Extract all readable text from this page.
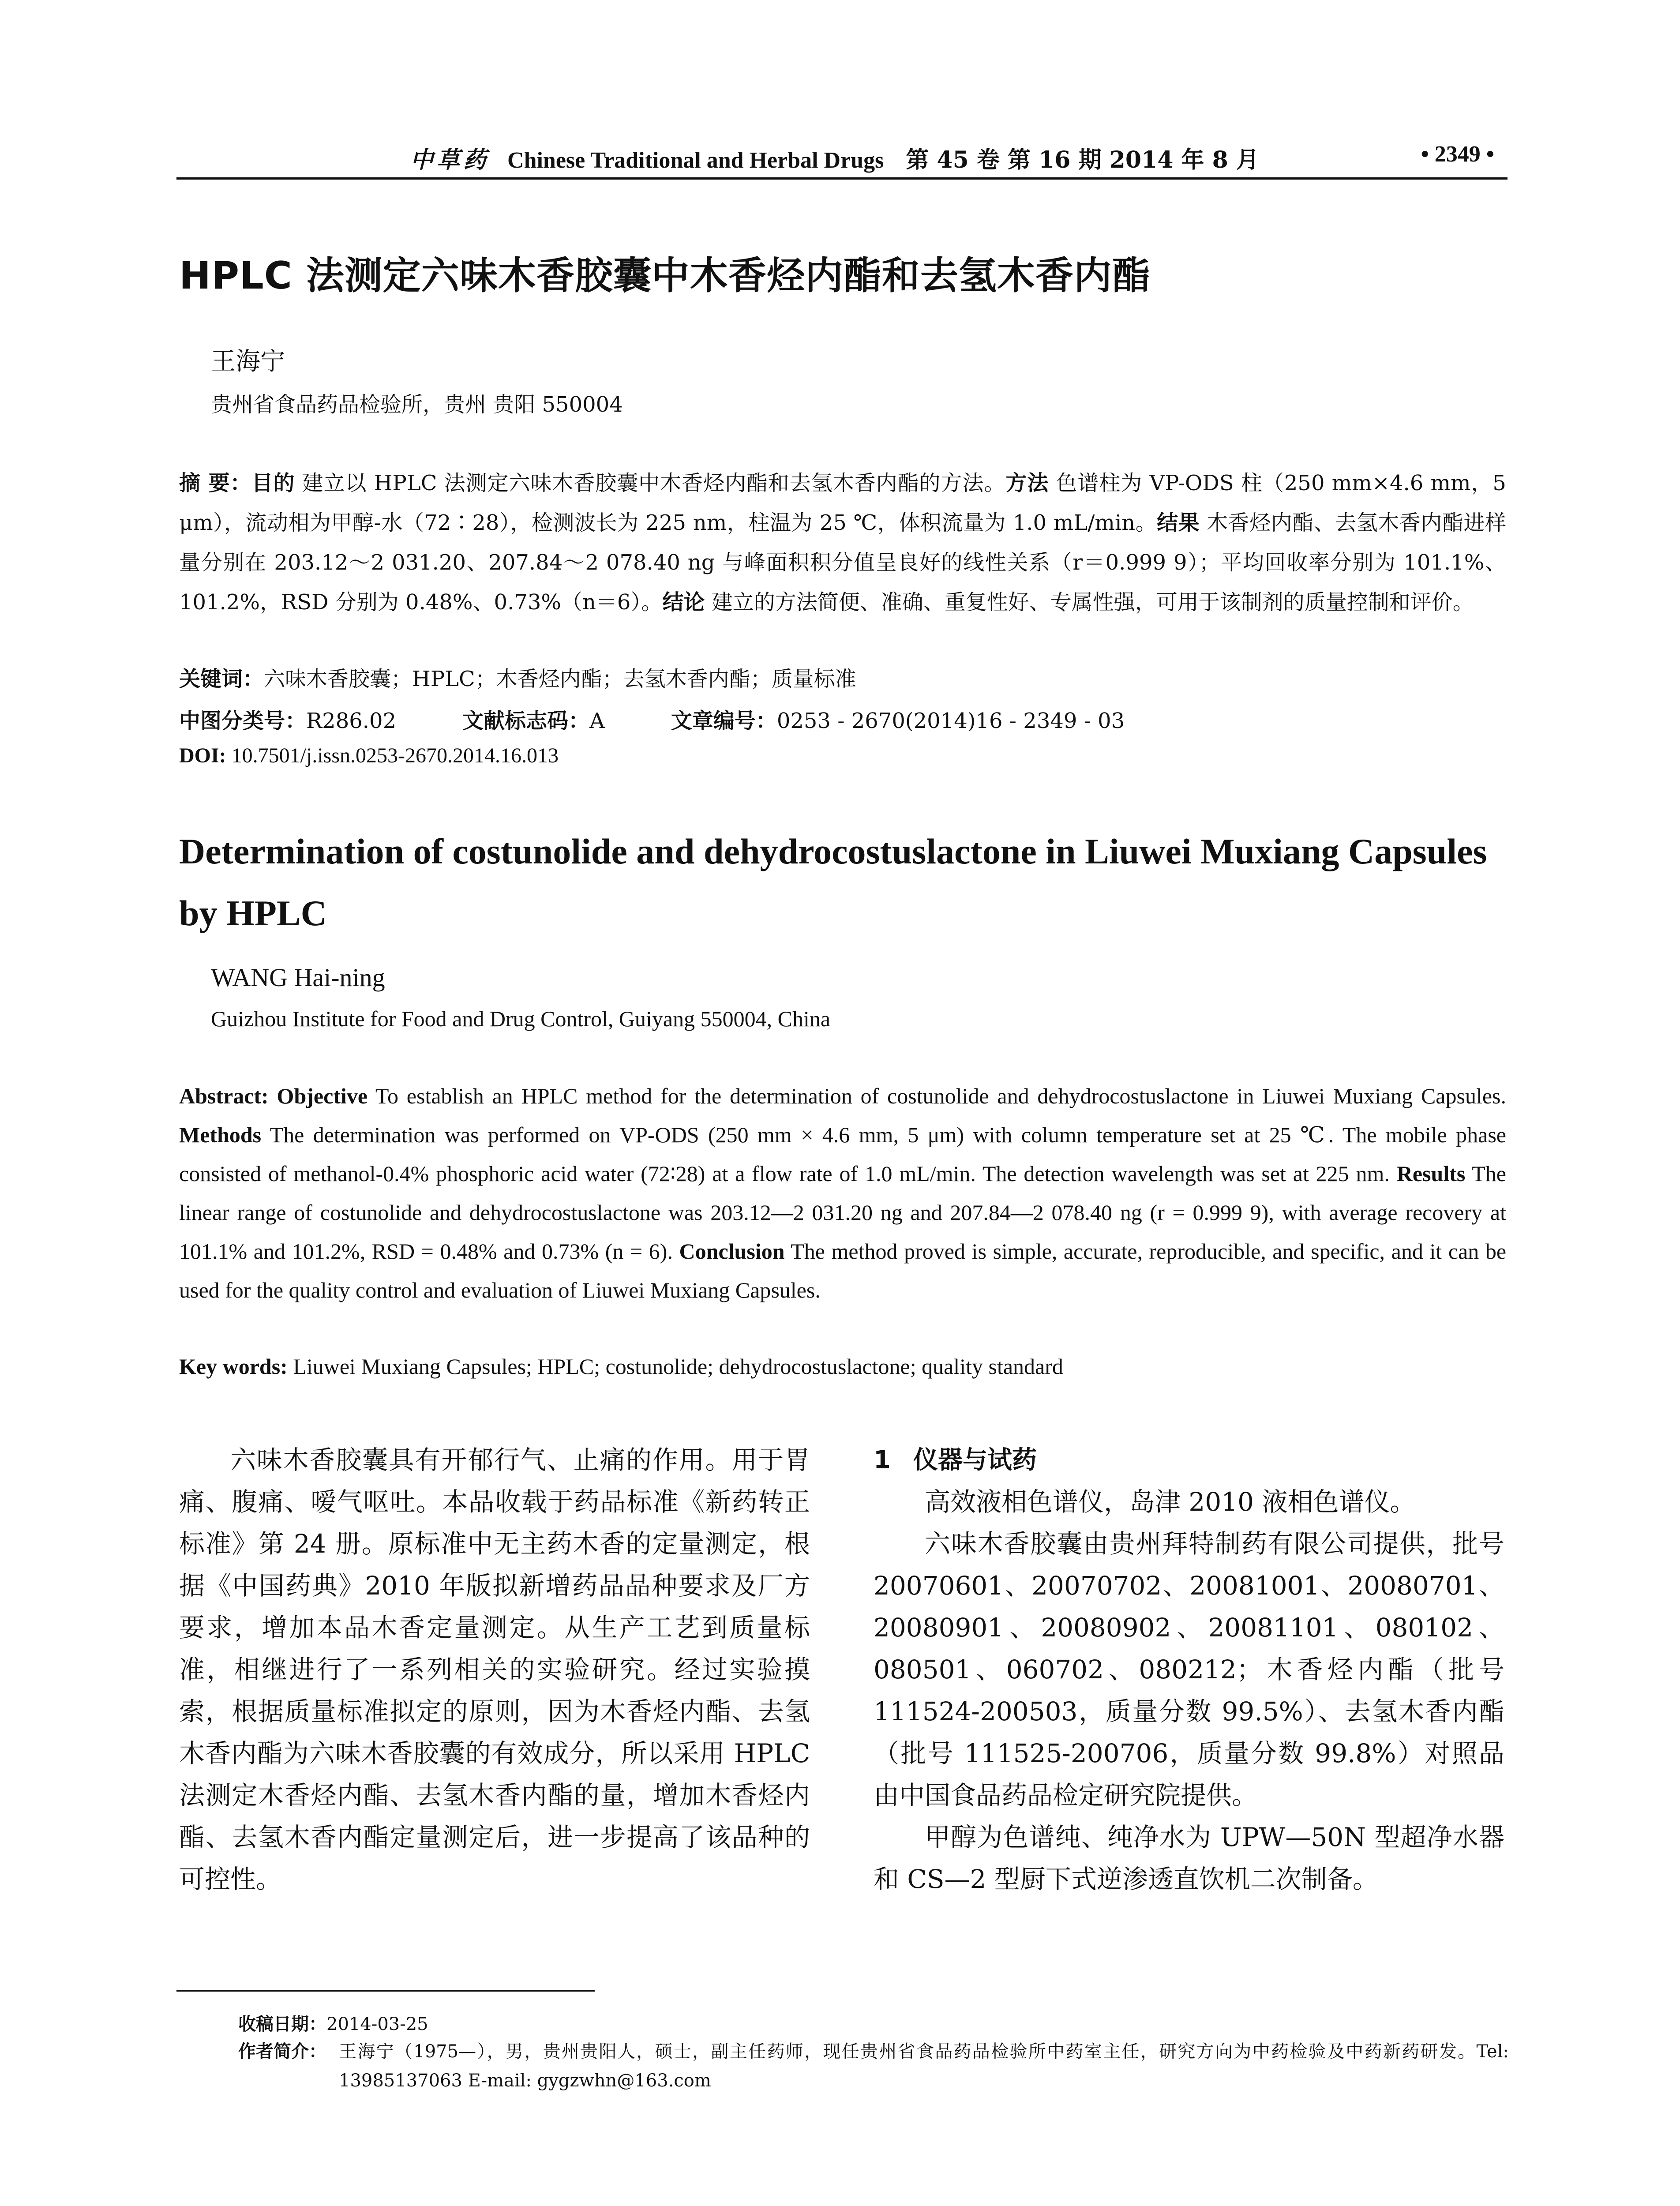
中草药 Chinese Traditional and Herbal Drugs 第 45 卷 第 16 期 2014 年 8 月	• 2349 •
HPLC 法测定六味木香胶囊中木香烃内酯和去氢木香内酯
王海宁
贵州省食品药品检验所，贵州 贵阳 550004
摘 要：目的 建立以 HPLC 法测定六味木香胶囊中木香烃内酯和去氢木香内酯的方法。方法 色谱柱为 VP-ODS 柱（250 mm×4.6 mm，5 μm），流动相为甲醇-水（72∶28），检测波长为 225 nm，柱温为 25 ℃，体积流量为 1.0 mL/min。结果 木香烃内酯、去氢木香内酯进样量分别在 203.12～2 031.20、207.84～2 078.40 ng 与峰面积积分值呈良好的线性关系（r＝0.999 9）；平均回收率分别为 101.1%、101.2%，RSD 分别为 0.48%、0.73%（n＝6）。结论 建立的方法简便、准确、重复性好、专属性强，可用于该制剂的质量控制和评价。
关键词：六味木香胶囊；HPLC；木香烃内酯；去氢木香内酯；质量标准
中图分类号：R286.02	文献标志码：A	文章编号：0253 - 2670(2014)16 - 2349 - 03
DOI: 10.7501/j.issn.0253-2670.2014.16.013
Determination of costunolide and dehydrocostuslactone in Liuwei Muxiang Capsules by HPLC
WANG Hai-ning
Guizhou Institute for Food and Drug Control, Guiyang 550004, China
Abstract: Objective To establish an HPLC method for the determination of costunolide and dehydrocostuslactone in Liuwei Muxiang Capsules. Methods The determination was performed on VP-ODS (250 mm × 4.6 mm, 5 μm) with column temperature set at 25 ℃. The mobile phase consisted of methanol-0.4% phosphoric acid water (72∶28) at a flow rate of 1.0 mL/min. The detection wavelength was set at 225 nm. Results The linear range of costunolide and dehydrocostuslactone was 203.12—2 031.20 ng and 207.84—2 078.40 ng (r = 0.999 9), with average recovery at 101.1% and 101.2%, RSD = 0.48% and 0.73% (n = 6). Conclusion The method proved is simple, accurate, reproducible, and specific, and it can be used for the quality control and evaluation of Liuwei Muxiang Capsules.
Key words: Liuwei Muxiang Capsules; HPLC; costunolide; dehydrocostuslactone; quality standard

六味木香胶囊具有开郁行气、止痛的作用。用于胃痛、腹痛、嗳气呕吐。本品收载于药品标准《新药转正标准》第 24 册。原标准中无主药木香的定量测定，根据《中国药典》2010 年版拟新增药品品种要求及厂方要求，增加本品木香定量测定。从生产工艺到质量标准，相继进行了一系列相关的实验研究。经过实验摸索，根据质量标准拟定的原则，因为木香烃内酯、去氢木香内酯为六味木香胶囊的有效成分，所以采用 HPLC 法测定木香烃内酯、去氢木香内酯的量，增加木香烃内酯、去氢木香内酯定量测定后，进一步提高了该品种的可控性。

1 仪器与试药

高效液相色谱仪，岛津 2010 液相色谱仪。

六味木香胶囊由贵州拜特制药有限公司提供，批号 20070601、20070702、20081001、20080701、20080901、20080902、20081101、080102、080501、060702、080212；木香烃内酯（批号 111524-200503，质量分数 99.5%）、去氢木香内酯（批号 111525-200706，质量分数 99.8%）对照品由中国食品药品检定研究院提供。

甲醇为色谱纯、纯净水为 UPW—50N 型超净水器和 CS—2 型厨下式逆渗透直饮机二次制备。

收稿日期：2014-03-25
作者简介： 王海宁（1975—），男，贵州贵阳人，硕士，副主任药师，现任贵州省食品药品检验所中药室主任，研究方向为中药检验及中药新药研发。Tel: 13985137063 E-mail: gygzwhn@163.com
